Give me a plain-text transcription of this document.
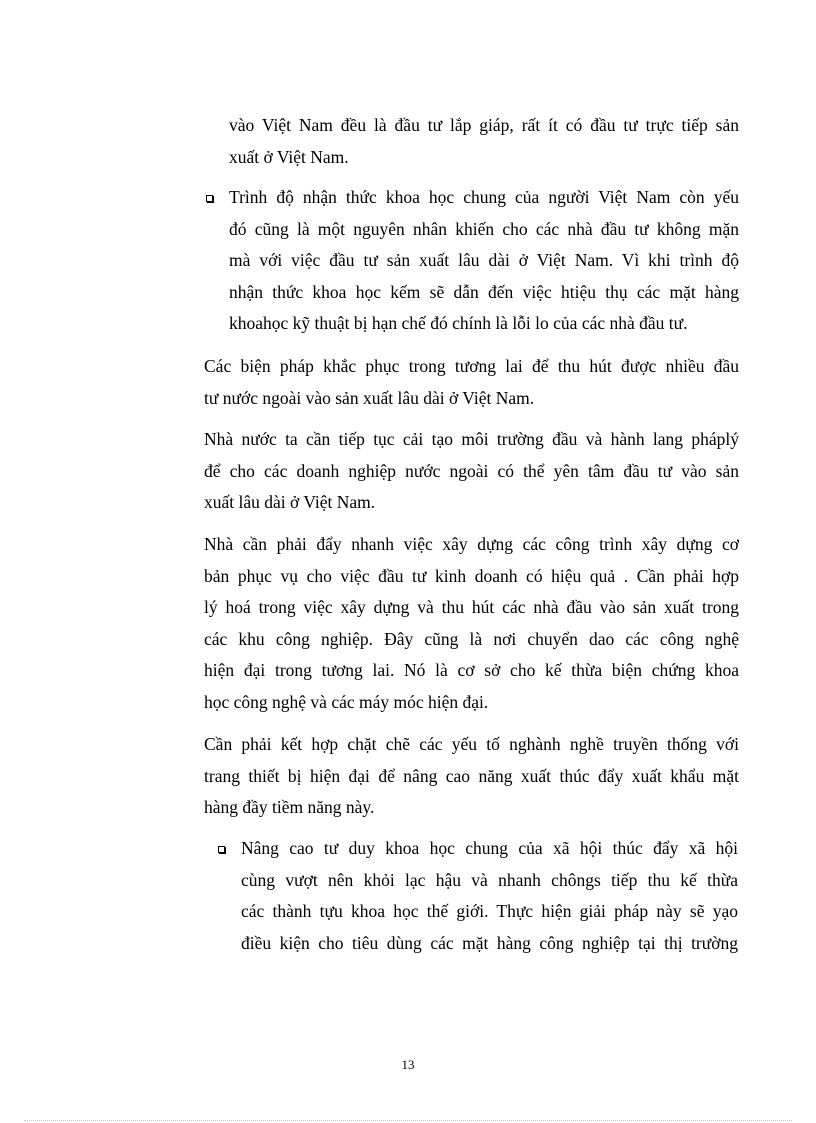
vào Việt Nam đều là đầu tư lắp giáp, rất ít có đầu tư trực tiếp sản
xuất ở Việt Nam.
Trình độ nhận thức khoa học chung của người Việt Nam còn yếu
đó cũng là một nguyên nhân khiến cho các nhà đầu tư không mặn
mà với việc đầu tư sản xuất lâu dài ở Việt Nam. Vì khi trình độ
nhận thức khoa học kếm sẽ dẫn đến việc htiệu thụ các mặt hàng
khoahọc kỹ thuật bị hạn chế đó chính là lỗi lo của các nhà đầu tư.
Các biện pháp khắc phục trong tương lai để thu hút được nhiều đầu
tư nước ngoài vào sản xuất lâu dài ở Việt Nam.
Nhà nước ta cần tiếp tục cải tạo môi trường đầu và hành lang pháplý
để cho các doanh nghiệp nước ngoài có thể yên tâm đầu tư vào sản
xuất lâu dài ở Việt Nam.
Nhà cần phải đẩy nhanh việc xây dựng các công trình xây dựng cơ
bản phục vụ cho việc đầu tư kinh doanh có hiệu quả . Cần phải hợp
lý hoá trong việc xây dựng và thu hút các nhà đầu vào sản xuất trong
các khu công nghiệp. Đây cũng là nơi chuyển dao các công nghệ
hiện đại trong tương lai. Nó là cơ sở cho kế thừa biện chứng khoa
học công nghệ và các máy móc hiện đại.
Cần phải kết hợp chặt chẽ các yếu tố nghành nghề truyền thống với
trang thiết bị hiện đại để nâng cao năng xuất thúc đẩy xuất khẩu mặt
hàng đầy tiềm năng này.
Nâng cao tư duy khoa học chung của xã hội thúc đẩy xã hội
cùng vượt nên khỏi lạc hậu và nhanh chôngs tiếp thu kế thừa
các thành tựu khoa học thế giới. Thực hiện giải pháp này sẽ yạo
điều kiện cho tiêu dùng các mặt hàng công nghiệp tại thị trường
13
